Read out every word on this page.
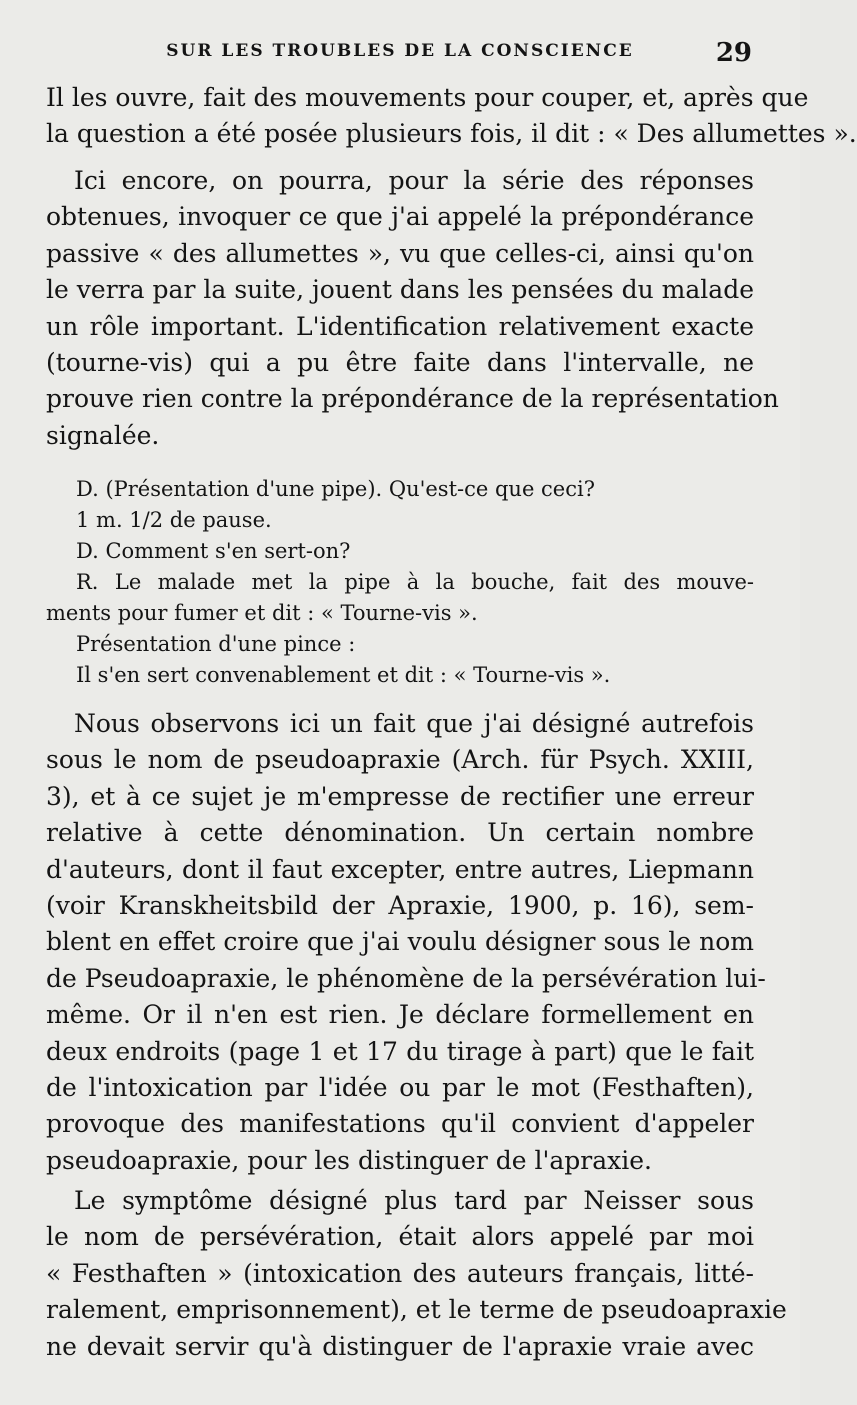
SUR LES TROUBLES DE LA CONSCIENCE	29
Il les ouvre, fait des mouvements pour couper, et, après que
la question a été posée plusieurs fois, il dit : « Des allumettes ».
Ici encore, on pourra, pour la série des réponses
obtenues, invoquer ce que j'ai appelé la prépondérance
passive « des allumettes », vu que celles-ci, ainsi qu'on
le verra par la suite, jouent dans les pensées du malade
un rôle important. L'identification relativement exacte
(tourne-vis) qui a pu être faite dans l'intervalle, ne
prouve rien contre la prépondérance de la représentation
signalée.
D. (Présentation d'une pipe). Qu'est-ce que ceci?
1 m. 1/2 de pause.
D. Comment s'en sert-on?
R. Le malade met la pipe à la bouche, fait des mouve-
ments pour fumer et dit : « Tourne-vis ».
Présentation d'une pince :
Il s'en sert convenablement et dit : « Tourne-vis ».
Nous observons ici un fait que j'ai désigné autrefois
sous le nom de pseudoapraxie (Arch. für Psych. XXIII,
3), et à ce sujet je m'empresse de rectifier une erreur
relative à cette dénomination. Un certain nombre
d'auteurs, dont il faut excepter, entre autres, Liepmann
(voir Kranskheitsbild der Apraxie, 1900, p. 16), sem-
blent en effet croire que j'ai voulu désigner sous le nom
de Pseudoapraxie, le phénomène de la persévération lui-
même. Or il n'en est rien. Je déclare formellement en
deux endroits (page 1 et 17 du tirage à part) que le fait
de l'intoxication par l'idée ou par le mot (Festhaften),
provoque des manifestations qu'il convient d'appeler
pseudoapraxie, pour les distinguer de l'apraxie.
Le symptôme désigné plus tard par Neisser sous
le nom de persévération, était alors appelé par moi
« Festhaften » (intoxication des auteurs français, litté-
ralement, emprisonnement), et le terme de pseudoapraxie
ne devait servir qu'à distinguer de l'apraxie vraie avec
